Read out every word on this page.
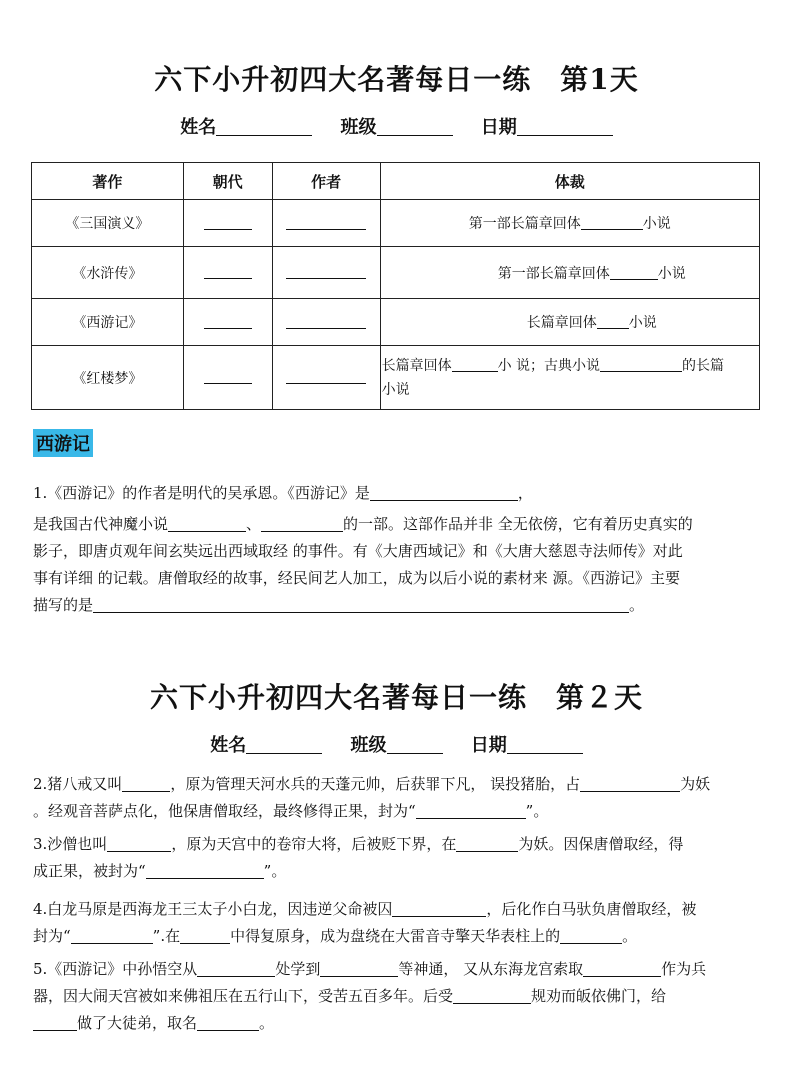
六下小升初四大名著每日一练　第1天
姓名	班级	日期
著作	朝代	作者	体裁
《三国演义》			第一部长篇章回体 小说
《水浒传》			第一部长篇章回体 小说
《西游记》			长篇章回体 小说
《红楼梦》			长篇章回体 小 说；古典小说 的长篇
小说
西游记
1.《西游记》的作者是明代的吴承恩。《西游记》是	，
是我国古代神魔小说	、	的一部。这部作品并非 全无依傍，它有着历史真实的
影子，即唐贞观年间玄奘远出西域取经 的事件。有《大唐西域记》和《大唐大慈恩寺法师传》对此
事有详细 的记载。唐僧取经的故事，经民间艺人加工，成为以后小说的素材来 源。《西游记》主要
描写的是	。
六下小升初四大名著每日一练　第２天
姓名	班级	日期
2.猪八戒又叫	，原为管理天河水兵的天蓬元帅，后获罪下凡， 误投猪胎，占	为妖
。经观音菩萨点化，他保唐僧取经，最终修得正果，封为“	”。
3.沙僧也叫	，原为天宫中的卷帘大将，后被贬下界，在	为妖。因保唐僧取经，得
成正果，被封为“	”。
4.白龙马原是西海龙王三太子小白龙，因违逆父命被囚	，后化作白马驮负唐僧取经，被
封为“	”.在	中得复原身，成为盘绕在大雷音寺擎天华表柱上的	。
5.《西游记》中孙悟空从	处学到	等神通， 又从东海龙宫索取	作为兵
器，因大闹天宫被如来佛祖压在五行山下，受苦五百多年。后受	规劝而皈依佛门，给
做了大徒弟，取名	。
